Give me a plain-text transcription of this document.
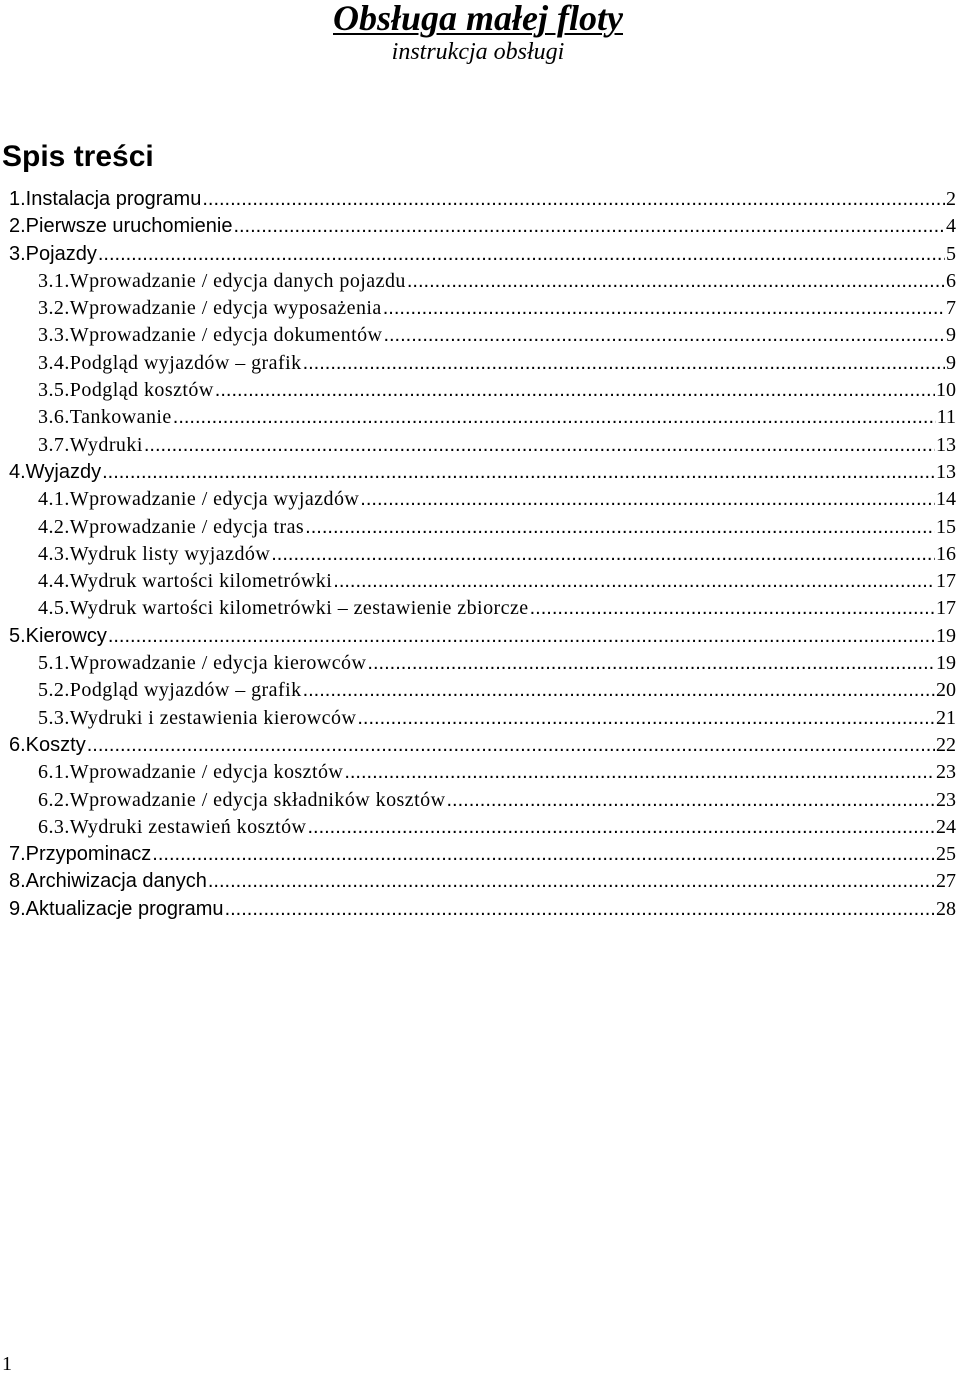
Obsługa małej floty
instrukcja obsługi
Spis treści
1.Instalacja programu .....	2
2.Pierwsze uruchomienie .....	4
3.Pojazdy .....	5
3.1.Wprowadzanie / edycja danych pojazdu .....	6
3.2.Wprowadzanie / edycja wyposażenia .....	7
3.3.Wprowadzanie / edycja dokumentów .....	9
3.4.Podgląd wyjazdów – grafik .....	9
3.5.Podgląd kosztów .....	10
3.6.Tankowanie .....	11
3.7.Wydruki .....	13
4.Wyjazdy .....	13
4.1.Wprowadzanie / edycja wyjazdów .....	14
4.2.Wprowadzanie / edycja tras .....	15
4.3.Wydruk listy wyjazdów .....	16
4.4.Wydruk wartości kilometrówki .....	17
4.5.Wydruk wartości kilometrówki – zestawienie zbiorcze .....	17
5.Kierowcy .....	19
5.1.Wprowadzanie / edycja kierowców .....	19
5.2.Podgląd wyjazdów – grafik .....	20
5.3.Wydruki i zestawienia kierowców .....	21
6.Koszty .....	22
6.1.Wprowadzanie / edycja kosztów .....	23
6.2.Wprowadzanie / edycja składników kosztów .....	23
6.3.Wydruki zestawień kosztów .....	24
7.Przypominacz .....	25
8.Archiwizacja danych .....	27
9.Aktualizacje programu .....	28
1
